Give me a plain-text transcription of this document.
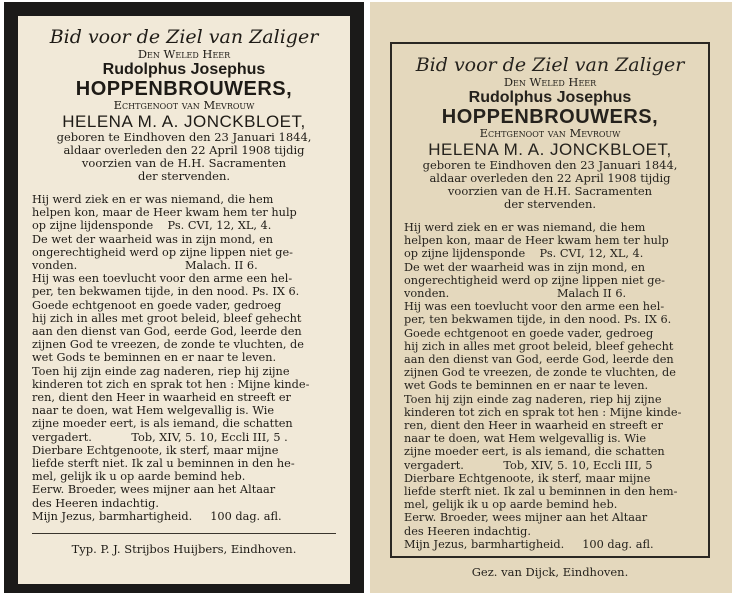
Bid voor de Ziel van Zaliger
Den Weled Heer
Rudolphus Josephus
HOPPENBROUWERS,
Echtgenoot van Mevrouw
HELENA M. A. JONCKBLOET,
geboren te Eindhoven den 23 Januari 1844,
aldaar overleden den 22 April 1908 tijdig
voorzien van de H.H. Sacramenten
der stervenden.
Hij werd ziek en er was niemand, die hem
helpen kon, maar de Heer kwam hem ter hulp
op zijne lijdensponde    Ps. CVI, 12, XL, 4.
De wet der waarheid was in zijn mond, en
ongerechtigheid werd op zijne lippen niet ge-
vonden.                              Malach. II 6.
Hij was een toevlucht voor den arme een hel-
per, ten bekwamen tijde, in den nood. Ps. IX 6.
Goede echtgenoot en goede vader, gedroeg
hij zich in alles met groot beleid, bleef gehecht
aan den dienst van God, eerde God, leerde den
zijnen God te vreezen, de zonde te vluchten, de
wet Gods te beminnen en er naar te leven.
Toen hij zijn einde zag naderen, riep hij zijne
kinderen tot zich en sprak tot hen : Mijne kinde-
ren, dient den Heer in waarheid en streeft er
naar te doen, wat Hem welgevallig is. Wie
zijne moeder eert, is als iemand, die schatten
vergadert.           Tob, XIV, 5. 10, Eccli III, 5 .
Dierbare Echtgenoote, ik sterf, maar mijne
liefde sterft niet. Ik zal u beminnen in den he-
mel, gelijk ik u op aarde bemind heb.
Eerw. Broeder, wees mijner aan het Altaar
des Heeren indachtig.
Mijn Jezus, barmhartigheid.     100 dag. afl.
Typ. P. J. Strijbos Huijbers, Eindhoven.
Bid voor de Ziel van Zaliger
Den Weled Heer
Rudolphus Josephus
HOPPENBROUWERS,
Echtgenoot van Mevrouw
HELENA M. A. JONCKBLOET,
geboren te Eindhoven den 23 Januari 1844,
aldaar overleden den 22 April 1908 tijdig
voorzien van de H.H. Sacramenten
der stervenden.
Hij werd ziek en er was niemand, die hem
helpen kon, maar de Heer kwam hem ter hulp
op zijne lijdensponde    Ps. CVI, 12, XL, 4.
De wet der waarheid was in zijn mond, en
ongerechtigheid werd op zijne lippen niet ge-
vonden.                              Malach II 6.
Hij was een toevlucht voor den arme een hel-
per, ten bekwamen tijde, in den nood. Ps. IX 6.
Goede echtgenoot en goede vader, gedroeg
hij zich in alles met groot beleid, bleef gehecht
aan den dienst van God, eerde God, leerde den
zijnen God te vreezen, de zonde te vluchten, de
wet Gods te beminnen en er naar te leven.
Toen hij zijn einde zag naderen, riep hij zijne
kinderen tot zich en sprak tot hen : Mijne kinde-
ren, dient den Heer in waarheid en streeft er
naar te doen, wat Hem welgevallig is. Wie
zijne moeder eert, is als iemand, die schatten
vergadert.           Tob, XIV, 5. 10, Eccli III, 5
Dierbare Echtgenoote, ik sterf, maar mijne
liefde sterft niet. Ik zal u beminnen in den hem-
mel, gelijk ik u op aarde bemind heb.
Eerw. Broeder, wees mijner aan het Altaar
des Heeren indachtig.
Mijn Jezus, barmhartigheid.     100 dag. afl.
Gez. van Dijck, Eindhoven.
